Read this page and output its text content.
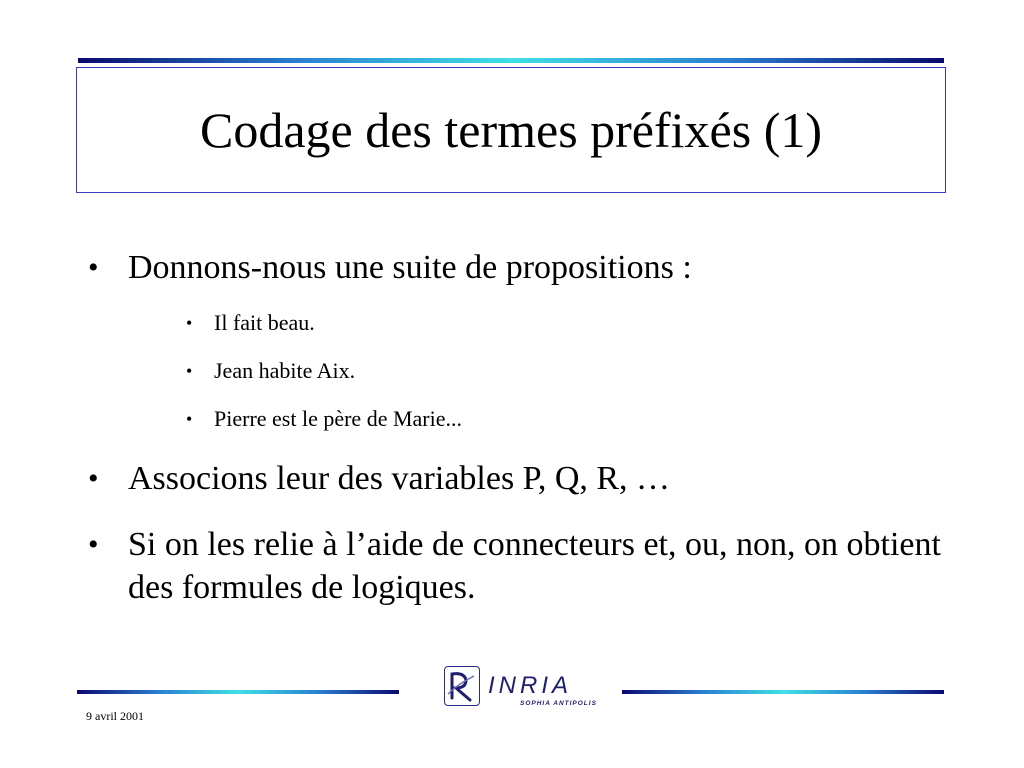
Codage des termes préfixés (1)
• Donnons-nous une suite de propositions :
• Il fait beau.
• Jean habite Aix.
• Pierre est le père de Marie...
• Associons leur des variables P, Q, R, …
• Si on les relie à l’aide de connecteurs et, ou, non, on obtient des formules de logiques.
INRIA
SOPHIA ANTIPOLIS
9 avril 2001
